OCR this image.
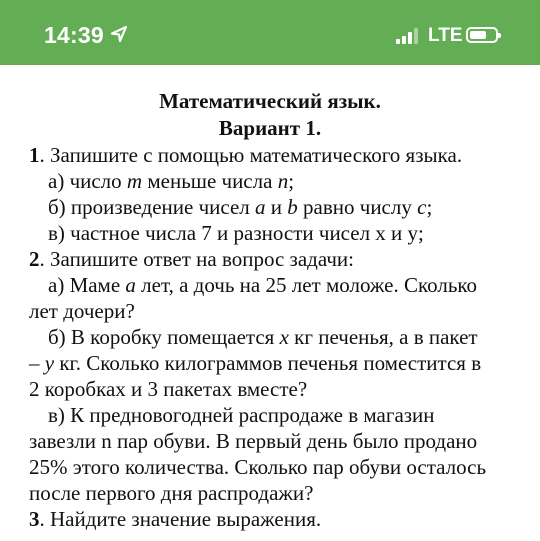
14:39	LTE
Математический язык.
Вариант 1.
1. Запишите с помощью математического языка.
а) число m меньше числа n;
б) произведение чисел a и b равно числу c;
в) частное числа 7 и разности чисел x и y;
2. Запишите ответ на вопрос задачи:
а) Маме a лет, а дочь на 25 лет моложе. Сколько
лет дочери?
б) В коробку помещается x кг печенья, а в пакет
– y кг. Сколько килограммов печенья поместится в
2 коробках и 3 пакетах вместе?
в) К предновогодней распродаже в магазин
завезли n пар обуви. В первый день было продано
25% этого количества. Сколько пар обуви осталось
после первого дня распродажи?
3. Найдите значение выражения.
